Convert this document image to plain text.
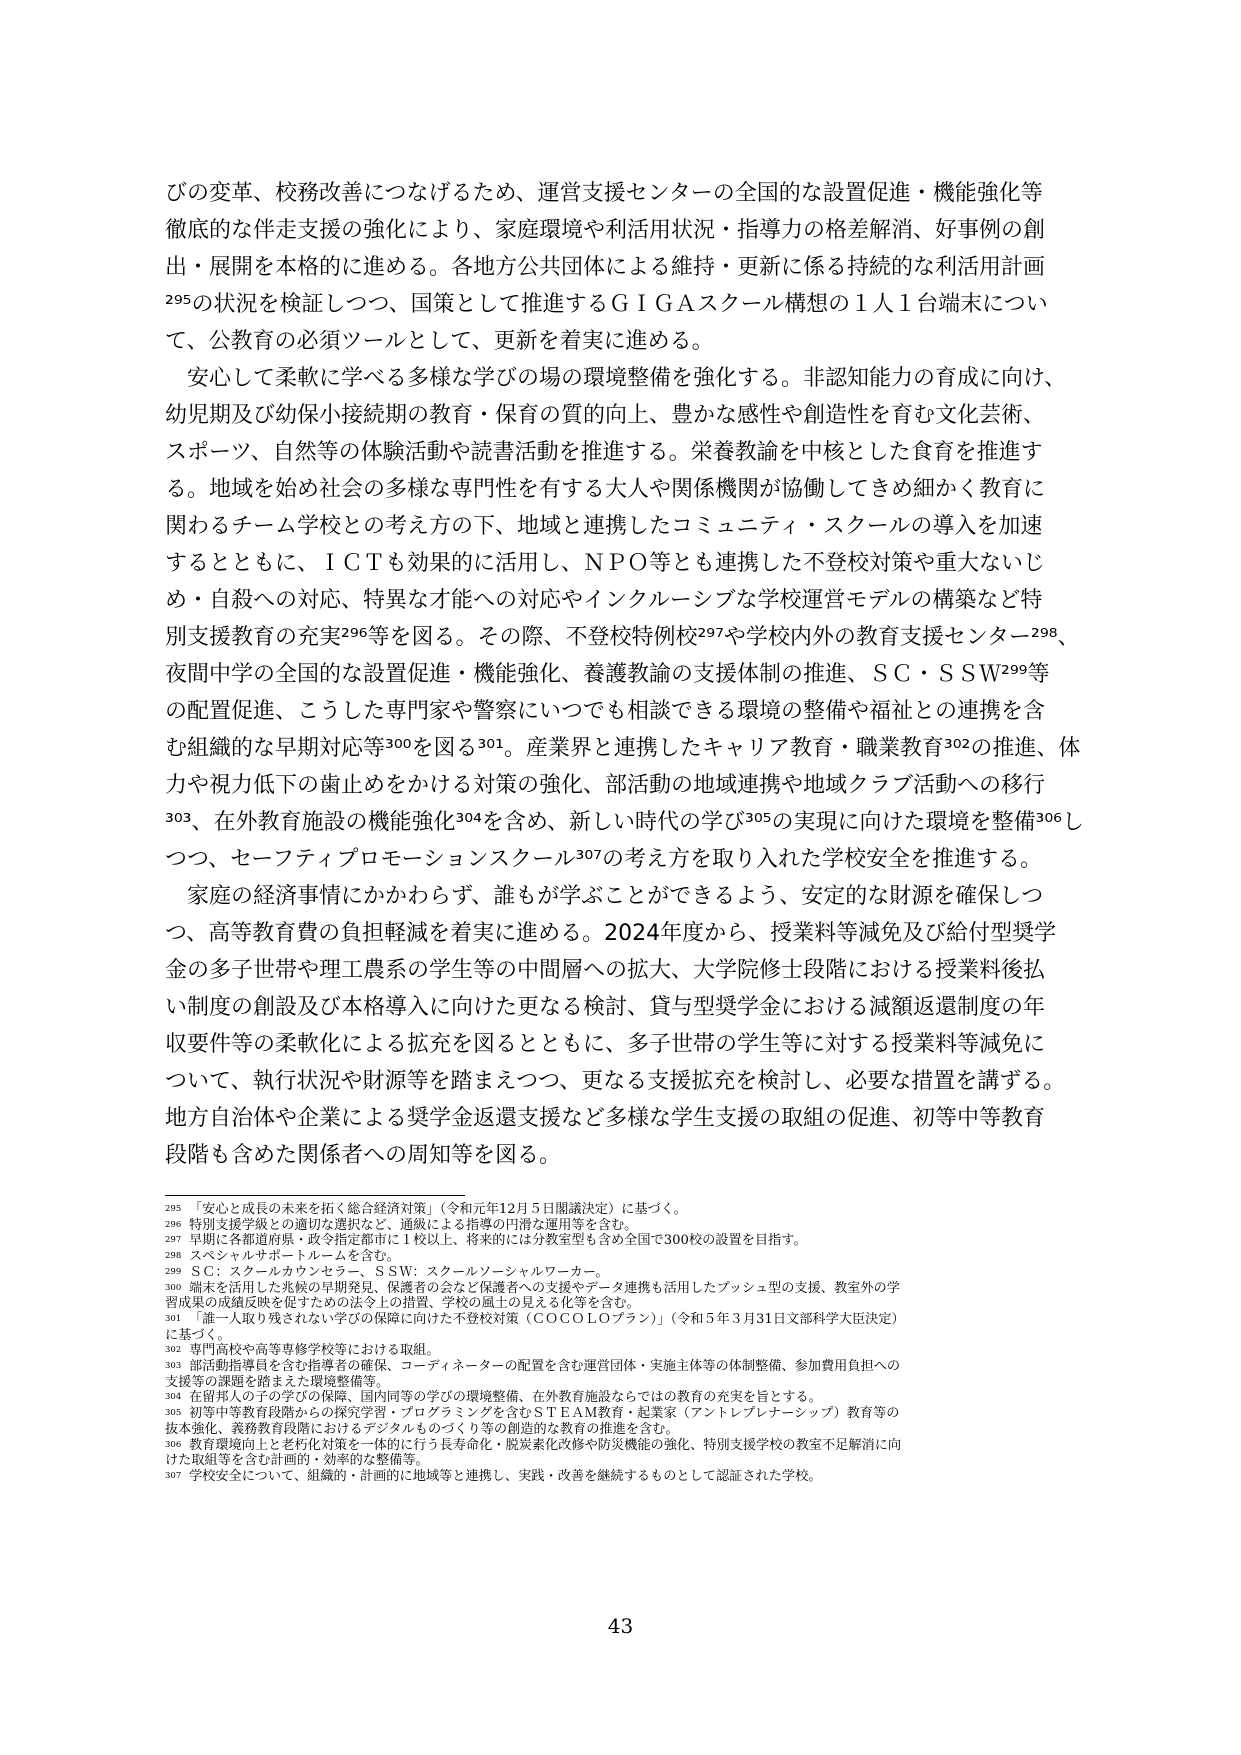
びの変革、校務改善につなげるため、運営支援センターの全国的な設置促進・機能強化等
徹底的な伴走支援の強化により、家庭環境や利活用状況・指導力の格差解消、好事例の創
出・展開を本格的に進める。各地方公共団体による維持・更新に係る持続的な利活用計画
²⁹⁵の状況を検証しつつ、国策として推進するＧＩＧＡスクール構想の１人１台端末につい
て、公教育の必須ツールとして、更新を着実に進める。
　安心して柔軟に学べる多様な学びの場の環境整備を強化する。非認知能力の育成に向け、
幼児期及び幼保小接続期の教育・保育の質的向上、豊かな感性や創造性を育む文化芸術、
スポーツ、自然等の体験活動や読書活動を推進する。栄養教諭を中核とした食育を推進す
る。地域を始め社会の多様な専門性を有する大人や関係機関が協働してきめ細かく教育に
関わるチーム学校との考え方の下、地域と連携したコミュニティ・スクールの導入を加速
するとともに、ＩＣＴも効果的に活用し、ＮＰＯ等とも連携した不登校対策や重大ないじ
め・自殺への対応、特異な才能への対応やインクルーシブな学校運営モデルの構築など特
別支援教育の充実²⁹⁶等を図る。その際、不登校特例校²⁹⁷や学校内外の教育支援センター²⁹⁸、
夜間中学の全国的な設置促進・機能強化、養護教諭の支援体制の推進、ＳＣ・ＳＳＷ²⁹⁹等
の配置促進、こうした専門家や警察にいつでも相談できる環境の整備や福祉との連携を含
む組織的な早期対応等³⁰⁰を図る³⁰¹。産業界と連携したキャリア教育・職業教育³⁰²の推進、体
力や視力低下の歯止めをかける対策の強化、部活動の地域連携や地域クラブ活動への移行
³⁰³、在外教育施設の機能強化³⁰⁴を含め、新しい時代の学び³⁰⁵の実現に向けた環境を整備³⁰⁶し
つつ、セーフティプロモーションスクール³⁰⁷の考え方を取り入れた学校安全を推進する。
　家庭の経済事情にかかわらず、誰もが学ぶことができるよう、安定的な財源を確保しつ
つ、高等教育費の負担軽減を着実に進める。2024年度から、授業料等減免及び給付型奨学
金の多子世帯や理工農系の学生等の中間層への拡大、大学院修士段階における授業料後払
い制度の創設及び本格導入に向けた更なる検討、貸与型奨学金における減額返還制度の年
収要件等の柔軟化による拡充を図るとともに、多子世帯の学生等に対する授業料等減免に
ついて、執行状況や財源等を踏まえつつ、更なる支援拡充を検討し、必要な措置を講ずる。
地方自治体や企業による奨学金返還支援など多様な学生支援の取組の促進、初等中等教育
段階も含めた関係者への周知等を図る。
295 「安心と成長の未来を拓く総合経済対策」（令和元年12月５日閣議決定）に基づく。
296 特別支援学級との適切な選択など、通級による指導の円滑な運用等を含む。
297 早期に各都道府県・政令指定都市に１校以上、将来的には分教室型も含め全国で300校の設置を目指す。
298 スペシャルサポートルームを含む。
299 ＳＣ：スクールカウンセラー、ＳＳＷ：スクールソーシャルワーカー。
300 端末を活用した兆候の早期発見、保護者の会など保護者への支援やデータ連携も活用したプッシュ型の支援、教室外の学
習成果の成績反映を促すための法令上の措置、学校の風土の見える化等を含む。
301 「誰一人取り残されない学びの保障に向けた不登校対策（ＣＯＣＯＬＯプラン）」（令和５年３月31日文部科学大臣決定）
に基づく。
302 専門高校や高等専修学校等における取組。
303 部活動指導員を含む指導者の確保、コーディネーターの配置を含む運営団体・実施主体等の体制整備、参加費用負担への
支援等の課題を踏まえた環境整備等。
304 在留邦人の子の学びの保障、国内同等の学びの環境整備、在外教育施設ならではの教育の充実を旨とする。
305 初等中等教育段階からの探究学習・プログラミングを含むＳＴＥＡＭ教育・起業家（アントレプレナーシップ）教育等の
抜本強化、義務教育段階におけるデジタルものづくり等の創造的な教育の推進を含む。
306 教育環境向上と老朽化対策を一体的に行う長寿命化・脱炭素化改修や防災機能の強化、特別支援学校の教室不足解消に向
けた取組等を含む計画的・効率的な整備等。
307 学校安全について、組織的・計画的に地域等と連携し、実践・改善を継続するものとして認証された学校。
43
